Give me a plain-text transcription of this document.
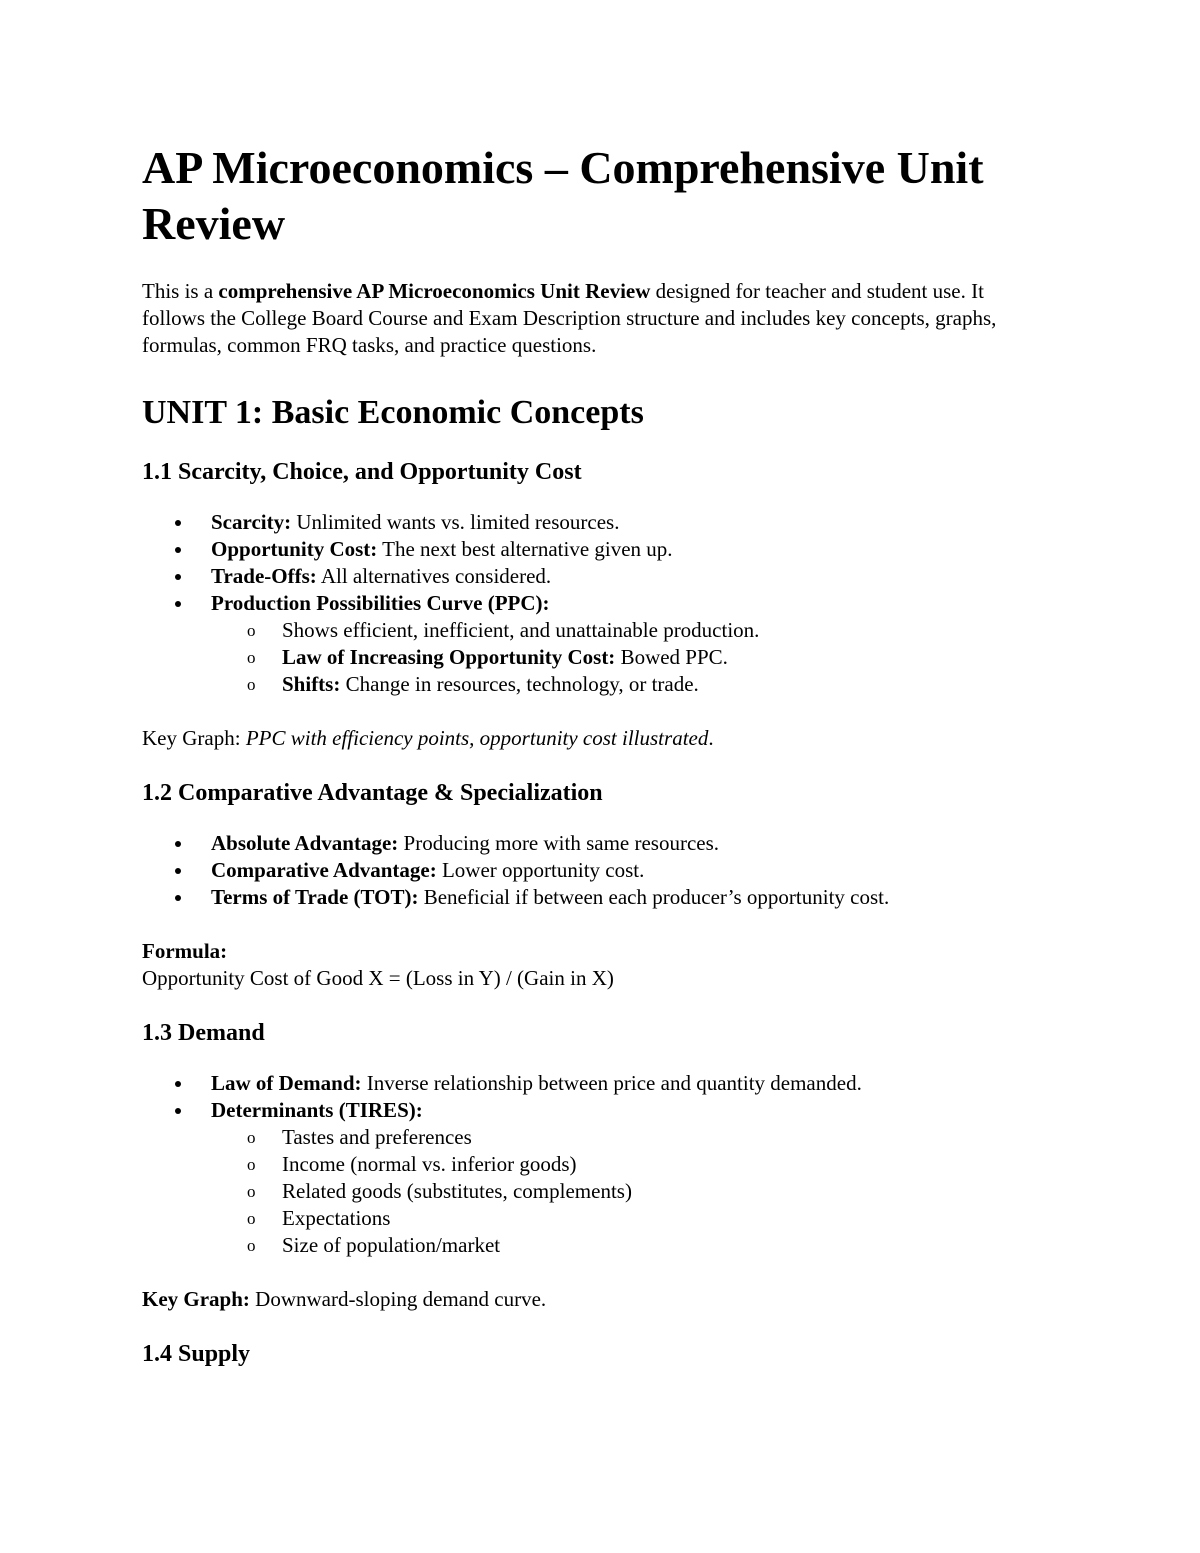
AP Microeconomics – Comprehensive Unit
Review

This is a comprehensive AP Microeconomics Unit Review designed for teacher and student use. It follows the College Board Course and Exam Description structure and includes key concepts, graphs, formulas, common FRQ tasks, and practice questions.

UNIT 1: Basic Economic Concepts
1.1 Scarcity, Choice, and Opportunity Cost
Scarcity: Unlimited wants vs. limited resources.
Opportunity Cost: The next best alternative given up.
Trade-Offs: All alternatives considered.
Production Possibilities Curve (PPC):
o Shows efficient, inefficient, and unattainable production.
o Law of Increasing Opportunity Cost: Bowed PPC.
o Shifts: Change in resources, technology, or trade.

Key Graph: PPC with efficiency points, opportunity cost illustrated.

1.2 Comparative Advantage & Specialization
Absolute Advantage: Producing more with same resources.
Comparative Advantage: Lower opportunity cost.
Terms of Trade (TOT): Beneficial if between each producer’s opportunity cost.

Formula:
Opportunity Cost of Good X = (Loss in Y) / (Gain in X)

1.3 Demand
Law of Demand: Inverse relationship between price and quantity demanded.
Determinants (TIRES):
o Tastes and preferences
o Income (normal vs. inferior goods)
o Related goods (substitutes, complements)
o Expectations
o Size of population/market

Key Graph: Downward-sloping demand curve.

1.4 Supply
